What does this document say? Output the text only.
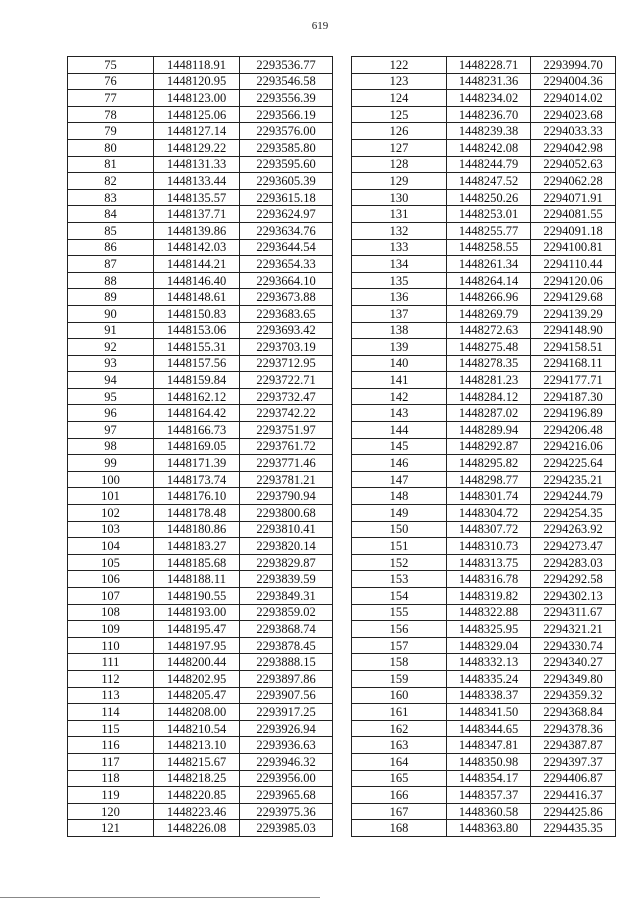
619
75	1448118.91	2293536.77
76	1448120.95	2293546.58
77	1448123.00	2293556.39
78	1448125.06	2293566.19
79	1448127.14	2293576.00
80	1448129.22	2293585.80
81	1448131.33	2293595.60
82	1448133.44	2293605.39
83	1448135.57	2293615.18
84	1448137.71	2293624.97
85	1448139.86	2293634.76
86	1448142.03	2293644.54
87	1448144.21	2293654.33
88	1448146.40	2293664.10
89	1448148.61	2293673.88
90	1448150.83	2293683.65
91	1448153.06	2293693.42
92	1448155.31	2293703.19
93	1448157.56	2293712.95
94	1448159.84	2293722.71
95	1448162.12	2293732.47
96	1448164.42	2293742.22
97	1448166.73	2293751.97
98	1448169.05	2293761.72
99	1448171.39	2293771.46
100	1448173.74	2293781.21
101	1448176.10	2293790.94
102	1448178.48	2293800.68
103	1448180.86	2293810.41
104	1448183.27	2293820.14
105	1448185.68	2293829.87
106	1448188.11	2293839.59
107	1448190.55	2293849.31
108	1448193.00	2293859.02
109	1448195.47	2293868.74
110	1448197.95	2293878.45
111	1448200.44	2293888.15
112	1448202.95	2293897.86
113	1448205.47	2293907.56
114	1448208.00	2293917.25
115	1448210.54	2293926.94
116	1448213.10	2293936.63
117	1448215.67	2293946.32
118	1448218.25	2293956.00
119	1448220.85	2293965.68
120	1448223.46	2293975.36
121	1448226.08	2293985.03
122	1448228.71	2293994.70
123	1448231.36	2294004.36
124	1448234.02	2294014.02
125	1448236.70	2294023.68
126	1448239.38	2294033.33
127	1448242.08	2294042.98
128	1448244.79	2294052.63
129	1448247.52	2294062.28
130	1448250.26	2294071.91
131	1448253.01	2294081.55
132	1448255.77	2294091.18
133	1448258.55	2294100.81
134	1448261.34	2294110.44
135	1448264.14	2294120.06
136	1448266.96	2294129.68
137	1448269.79	2294139.29
138	1448272.63	2294148.90
139	1448275.48	2294158.51
140	1448278.35	2294168.11
141	1448281.23	2294177.71
142	1448284.12	2294187.30
143	1448287.02	2294196.89
144	1448289.94	2294206.48
145	1448292.87	2294216.06
146	1448295.82	2294225.64
147	1448298.77	2294235.21
148	1448301.74	2294244.79
149	1448304.72	2294254.35
150	1448307.72	2294263.92
151	1448310.73	2294273.47
152	1448313.75	2294283.03
153	1448316.78	2294292.58
154	1448319.82	2294302.13
155	1448322.88	2294311.67
156	1448325.95	2294321.21
157	1448329.04	2294330.74
158	1448332.13	2294340.27
159	1448335.24	2294349.80
160	1448338.37	2294359.32
161	1448341.50	2294368.84
162	1448344.65	2294378.36
163	1448347.81	2294387.87
164	1448350.98	2294397.37
165	1448354.17	2294406.87
166	1448357.37	2294416.37
167	1448360.58	2294425.86
168	1448363.80	2294435.35
